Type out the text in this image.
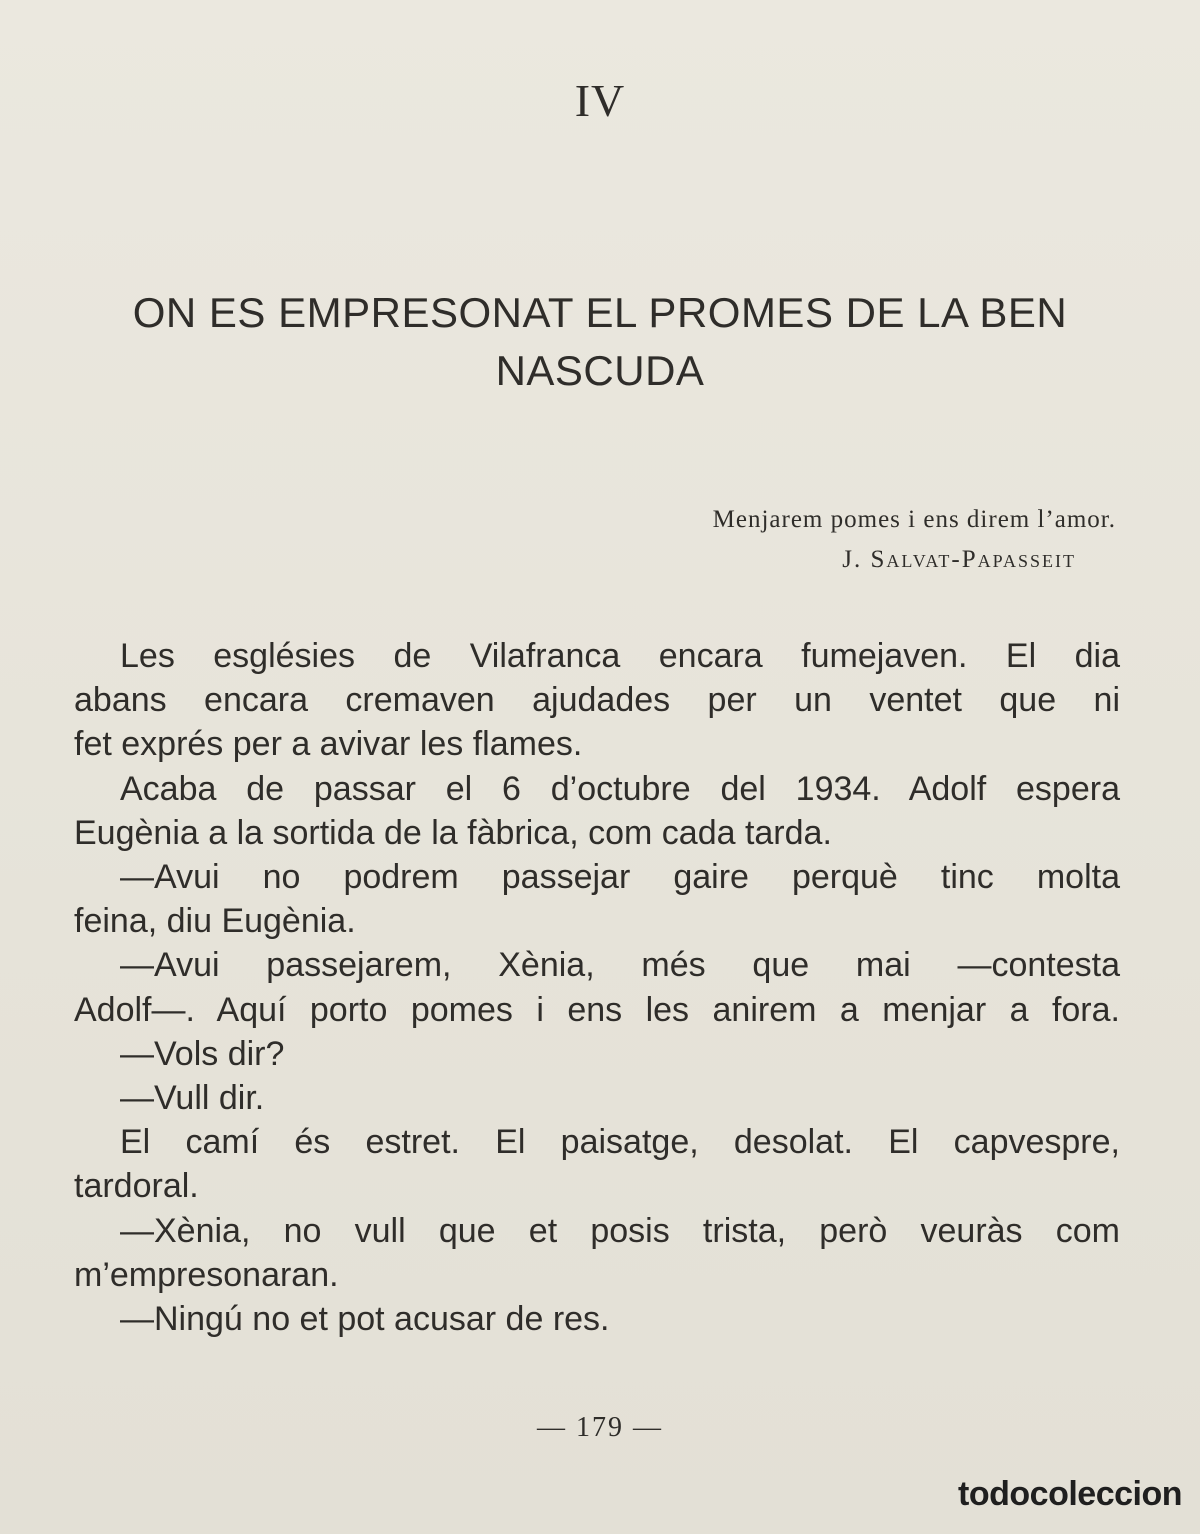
IV
ON ES EMPRESONAT EL PROMES DE LA BEN
NASCUDA
Menjarem pomes i ens direm l’amor.
J. Salvat-Papasseit

Les esglésies de Vilafranca encara fumejaven. El dia
abans encara cremaven ajudades per un ventet que ni
fet exprés per a avivar les flames.

Acaba de passar el 6 d’octubre del 1934. Adolf espera
Eugènia a la sortida de la fàbrica, com cada tarda.

—Avui no podrem passejar gaire perquè tinc molta
feina, diu Eugènia.

—Avui passejarem, Xènia, més que mai —contesta
Adolf—. Aquí porto pomes i ens les anirem a menjar a fora.

—Vols dir?

—Vull dir.

El camí és estret. El paisatge, desolat. El capvespre,
tardoral.

—Xènia, no vull que et posis trista, però veuràs com
m’empresonaran.

—Ningú no et pot acusar de res.

— 179 —
todocoleccion
